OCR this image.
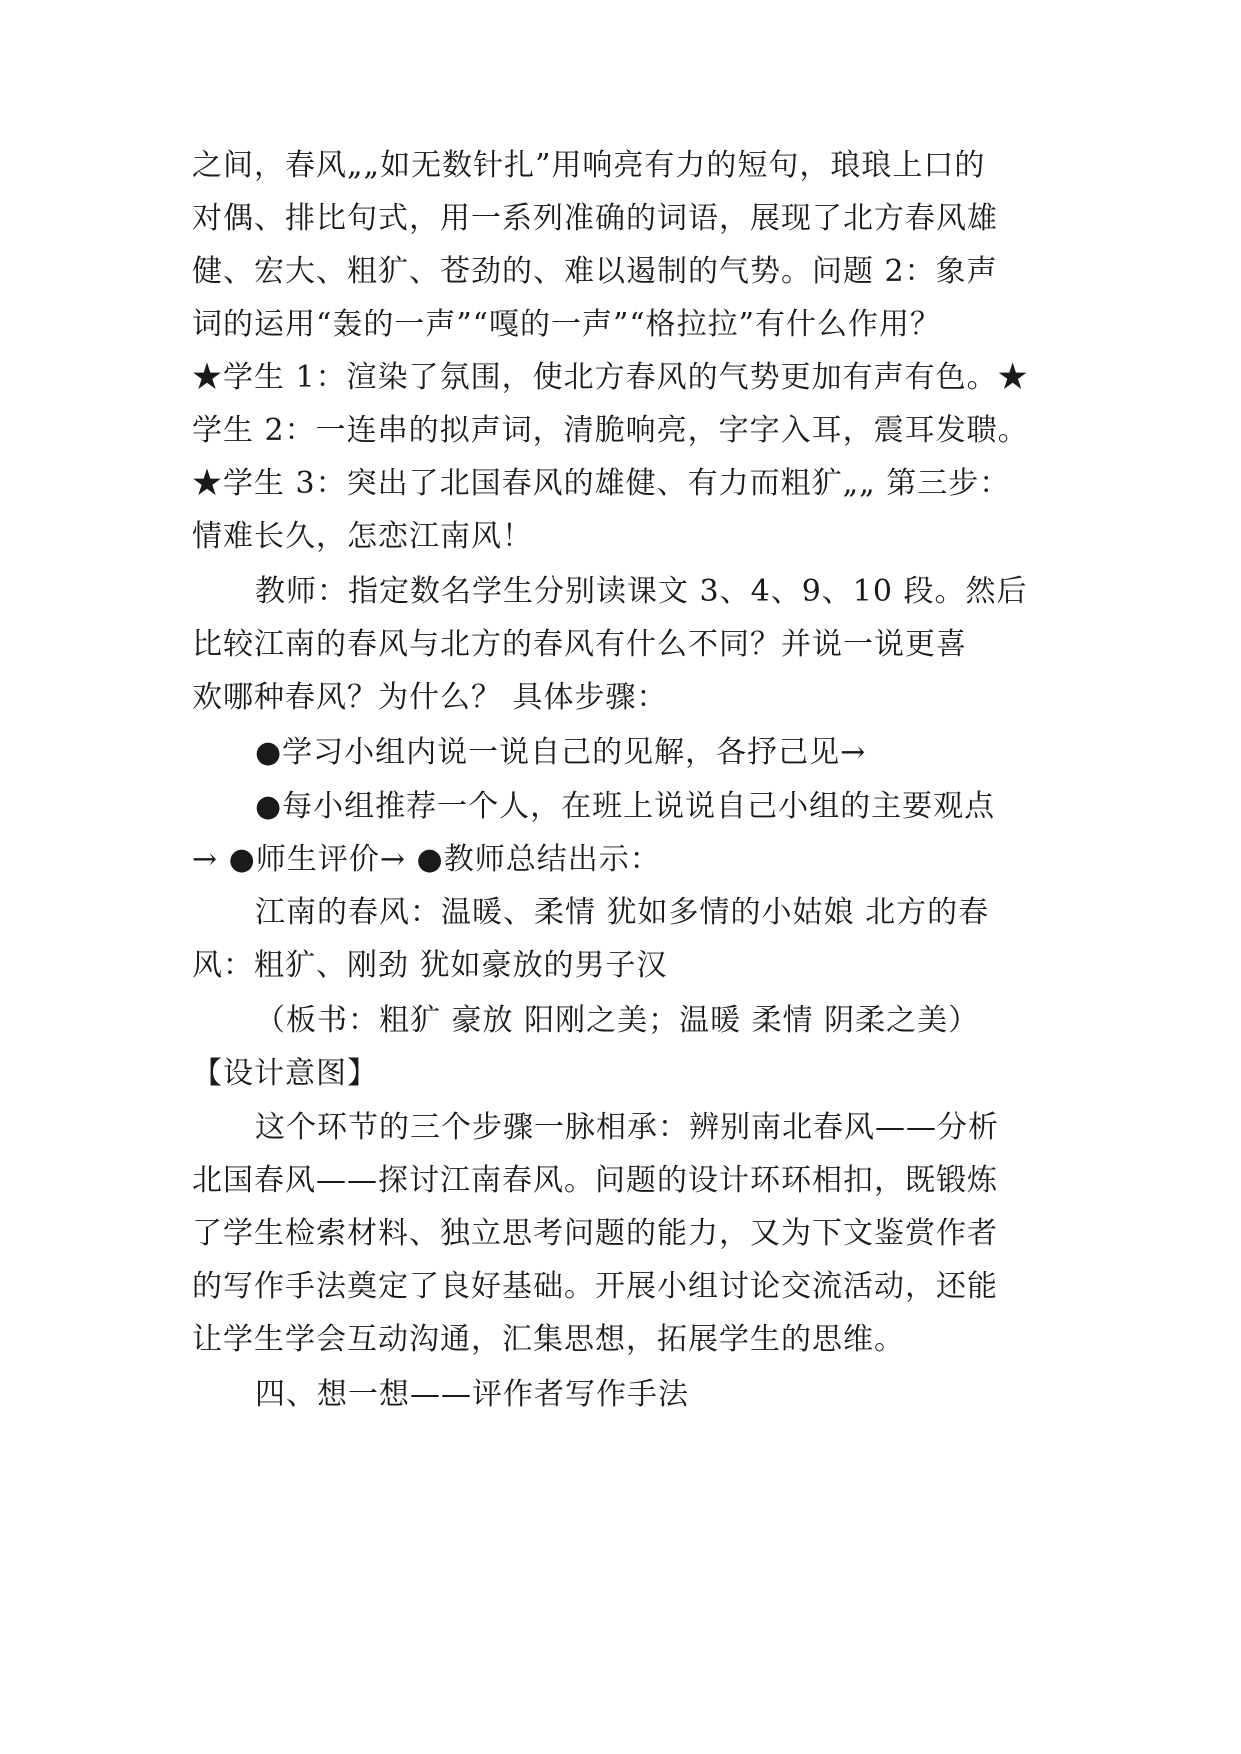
之间，春风„„如无数针扎”用响亮有力的短句，琅琅上口的
对偶、排比句式，用一系列准确的词语，展现了北方春风雄
健、宏大、粗犷、苍劲的、难以遏制的气势。问题 2：象声
词的运用“轰的一声”“嘎的一声”“格拉拉”有什么作用？
★学生 1：渲染了氛围，使北方春风的气势更加有声有色。★
学生 2：一连串的拟声词，清脆响亮，字字入耳，震耳发聩。
★学生 3：突出了北国春风的雄健、有力而粗犷„„ 第三步：
情难长久，怎恋江南风！
教师：指定数名学生分别读课文 3、4、9、10 段。然后
比较江南的春风与北方的春风有什么不同？并说一说更喜
欢哪种春风？为什么？ 具体步骤：
●学习小组内说一说自己的见解，各抒己见→
●每小组推荐一个人，在班上说说自己小组的主要观点
→ ●师生评价→ ●教师总结出示：
江南的春风：温暖、柔情 犹如多情的小姑娘 北方的春
风：粗犷、刚劲 犹如豪放的男子汉
（板书：粗犷 豪放 阳刚之美；温暖 柔情 阴柔之美）
【设计意图】
这个环节的三个步骤一脉相承：辨别南北春风——分析
北国春风——探讨江南春风。问题的设计环环相扣，既锻炼
了学生检索材料、独立思考问题的能力，又为下文鉴赏作者
的写作手法奠定了良好基础。开展小组讨论交流活动，还能
让学生学会互动沟通，汇集思想，拓展学生的思维。
四、想一想——评作者写作手法
